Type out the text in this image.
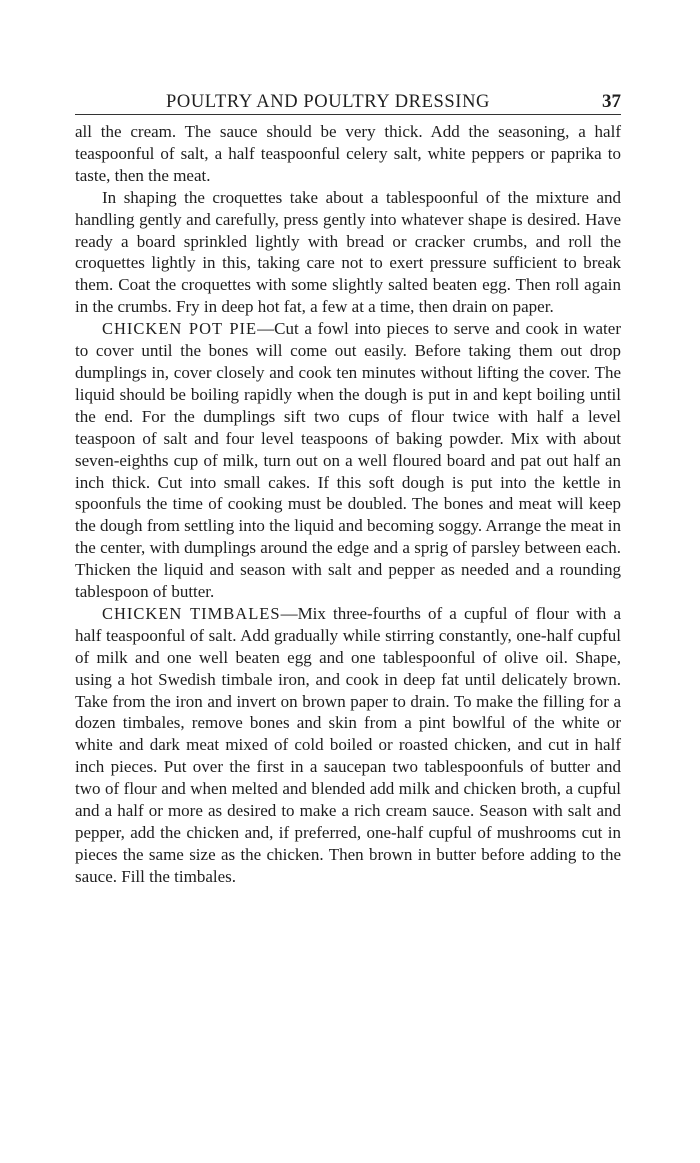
POULTRY AND POULTRY DRESSING	37

all the cream. The sauce should be very thick. Add the seasoning, a half teaspoonful of salt, a half teaspoonful celery salt, white peppers or paprika to taste, then the meat.

In shaping the croquettes take about a tablespoonful of the mixture and handling gently and carefully, press gently into whatever shape is desired. Have ready a board sprinkled lightly with bread or cracker crumbs, and roll the croquettes lightly in this, taking care not to exert pressure sufficient to break them. Coat the croquettes with some slightly salted beaten egg. Then roll again in the crumbs. Fry in deep hot fat, a few at a time, then drain on paper.

CHICKEN POT PIE—Cut a fowl into pieces to serve and cook in water to cover until the bones will come out easily. Before taking them out drop dumplings in, cover closely and cook ten minutes without lifting the cover. The liquid should be boiling rapidly when the dough is put in and kept boiling until the end. For the dumplings sift two cups of flour twice with half a level teaspoon of salt and four level teaspoons of baking powder. Mix with about seven-eighths cup of milk, turn out on a well floured board and pat out half an inch thick. Cut into small cakes. If this soft dough is put into the kettle in spoonfuls the time of cooking must be doubled. The bones and meat will keep the dough from settling into the liquid and becoming soggy. Arrange the meat in the center, with dumplings around the edge and a sprig of parsley between each. Thicken the liquid and season with salt and pepper as needed and a rounding tablespoon of butter.

CHICKEN TIMBALES—Mix three-fourths of a cupful of flour with a half teaspoonful of salt. Add gradually while stirring constantly, one-half cupful of milk and one well beaten egg and one tablespoonful of olive oil. Shape, using a hot Swedish timbale iron, and cook in deep fat until delicately brown. Take from the iron and invert on brown paper to drain. To make the filling for a dozen timbales, remove bones and skin from a pint bowlful of the white or white and dark meat mixed of cold boiled or roasted chicken, and cut in half inch pieces. Put over the first in a saucepan two tablespoonfuls of butter and two of flour and when melted and blended add milk and chicken broth, a cupful and a half or more as desired to make a rich cream sauce. Season with salt and pepper, add the chicken and, if preferred, one-half cupful of mushrooms cut in pieces the same size as the chicken. Then brown in butter before adding to the sauce. Fill the timbales.
